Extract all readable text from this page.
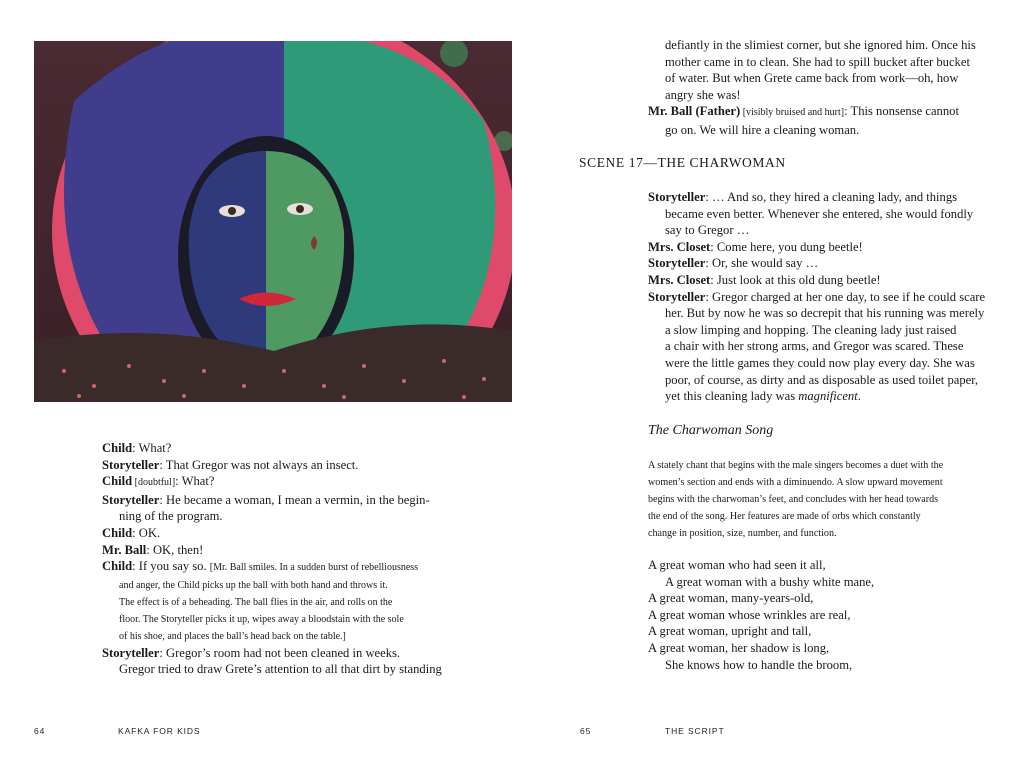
Child: What?
Storyteller: That Gregor was not always an insect.
Child [doubtful]: What?
Storyteller: He became a woman, I mean a vermin, in the begin-
ning of the program.
Child: OK.
Mr. Ball: OK, then!
Child: If you say so. [Mr. Ball smiles. In a sudden burst of rebelliousness
and anger, the Child picks up the ball with both hand and throws it.
The effect is of a beheading. The ball flies in the air, and rolls on the
floor. The Storyteller picks it up, wipes away a bloodstain with the sole
of his shoe, and places the ball’s head back on the table.]
Storyteller: Gregor’s room had not been cleaned in weeks.
Gregor tried to draw Grete’s attention to all that dirt by standing
64	KAFKA FOR KIDS
defiantly in the slimiest corner, but she ignored him. Once his
mother came in to clean. She had to spill bucket after bucket
of water. But when Grete came back from work—oh, how
angry she was!
Mr. Ball (Father) [visibly bruised and hurt]: This nonsense cannot
go on. We will hire a cleaning woman.
SCENE 17—THE CHARWOMAN
Storyteller: … And so, they hired a cleaning lady, and things
became even better. Whenever she entered, she would fondly
say to Gregor …
Mrs. Closet: Come here, you dung beetle!
Storyteller: Or, she would say …
Mrs. Closet: Just look at this old dung beetle!
Storyteller: Gregor charged at her one day, to see if he could scare
her. But by now he was so decrepit that his running was merely
a slow limping and hopping. The cleaning lady just raised
a chair with her strong arms, and Gregor was scared. These
were the little games they could now play every day. She was
poor, of course, as dirty and as disposable as used toilet paper,
yet this cleaning lady was magnificent.
The Charwoman Song
A stately chant that begins with the male singers becomes a duet with the
women’s section and ends with a diminuendo. A slow upward movement
begins with the charwoman’s feet, and concludes with her head towards
the end of the song. Her features are made of orbs which constantly
change in position, size, number, and function.
A great woman who had seen it all,
A great woman with a bushy white mane,
A great woman, many-years-old,
A great woman whose wrinkles are real,
A great woman, upright and tall,
A great woman, her shadow is long,
She knows how to handle the broom,
65	THE SCRIPT
